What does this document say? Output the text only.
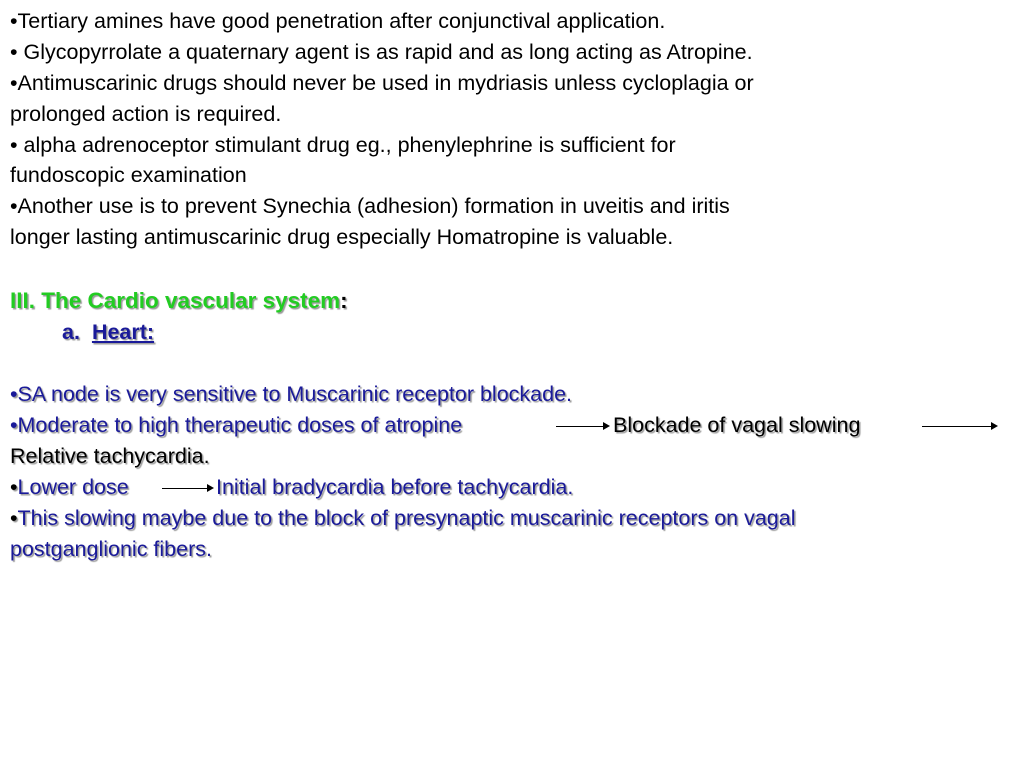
•Tertiary amines have good penetration after conjunctival application.
• Glycopyrrolate a quaternary agent is as rapid and as long acting as Atropine.
•Antimuscarinic drugs should never be used in mydriasis unless cycloplagia or
prolonged action is required.
• alpha adrenoceptor stimulant drug eg., phenylephrine is sufficient for
fundoscopic examination
•Another use is to prevent Synechia (adhesion) formation in uveitis and iritis
longer lasting antimuscarinic drug especially Homatropine is valuable.
III. The Cardio vascular system:
a. Heart:
•SA node is very sensitive to Muscarinic receptor blockade.
•Moderate to high therapeutic doses of atropine	Blockade of vagal slowing
Relative tachycardia.
•Lower dose	Initial bradycardia before tachycardia.
•This slowing maybe due to the block of presynaptic muscarinic receptors on vagal
postganglionic fibers.
